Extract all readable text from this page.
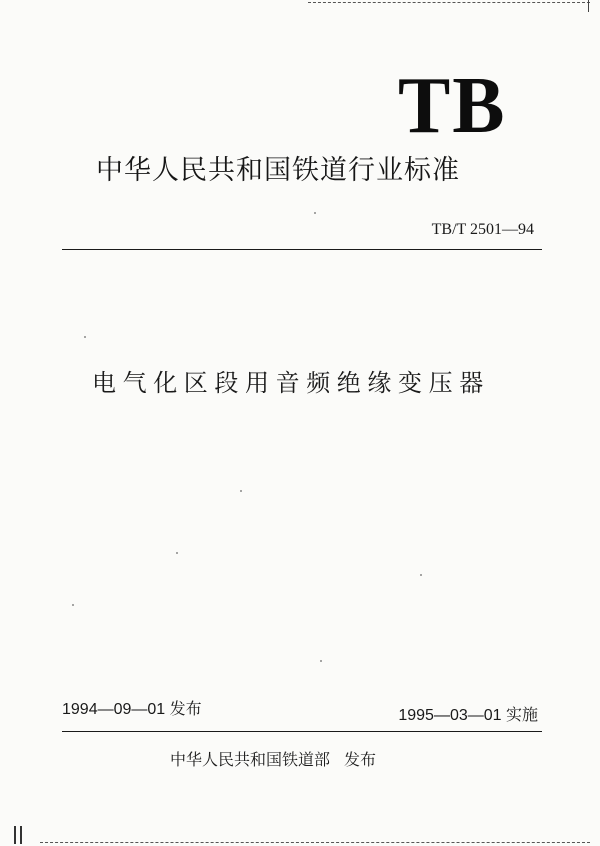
TB
中华人民共和国铁道行业标准
TB/T 2501—94
电气化区段用音频绝缘变压器
1994—09—01 发布	1995—03—01 实施
中华人民共和国铁道部 发布
